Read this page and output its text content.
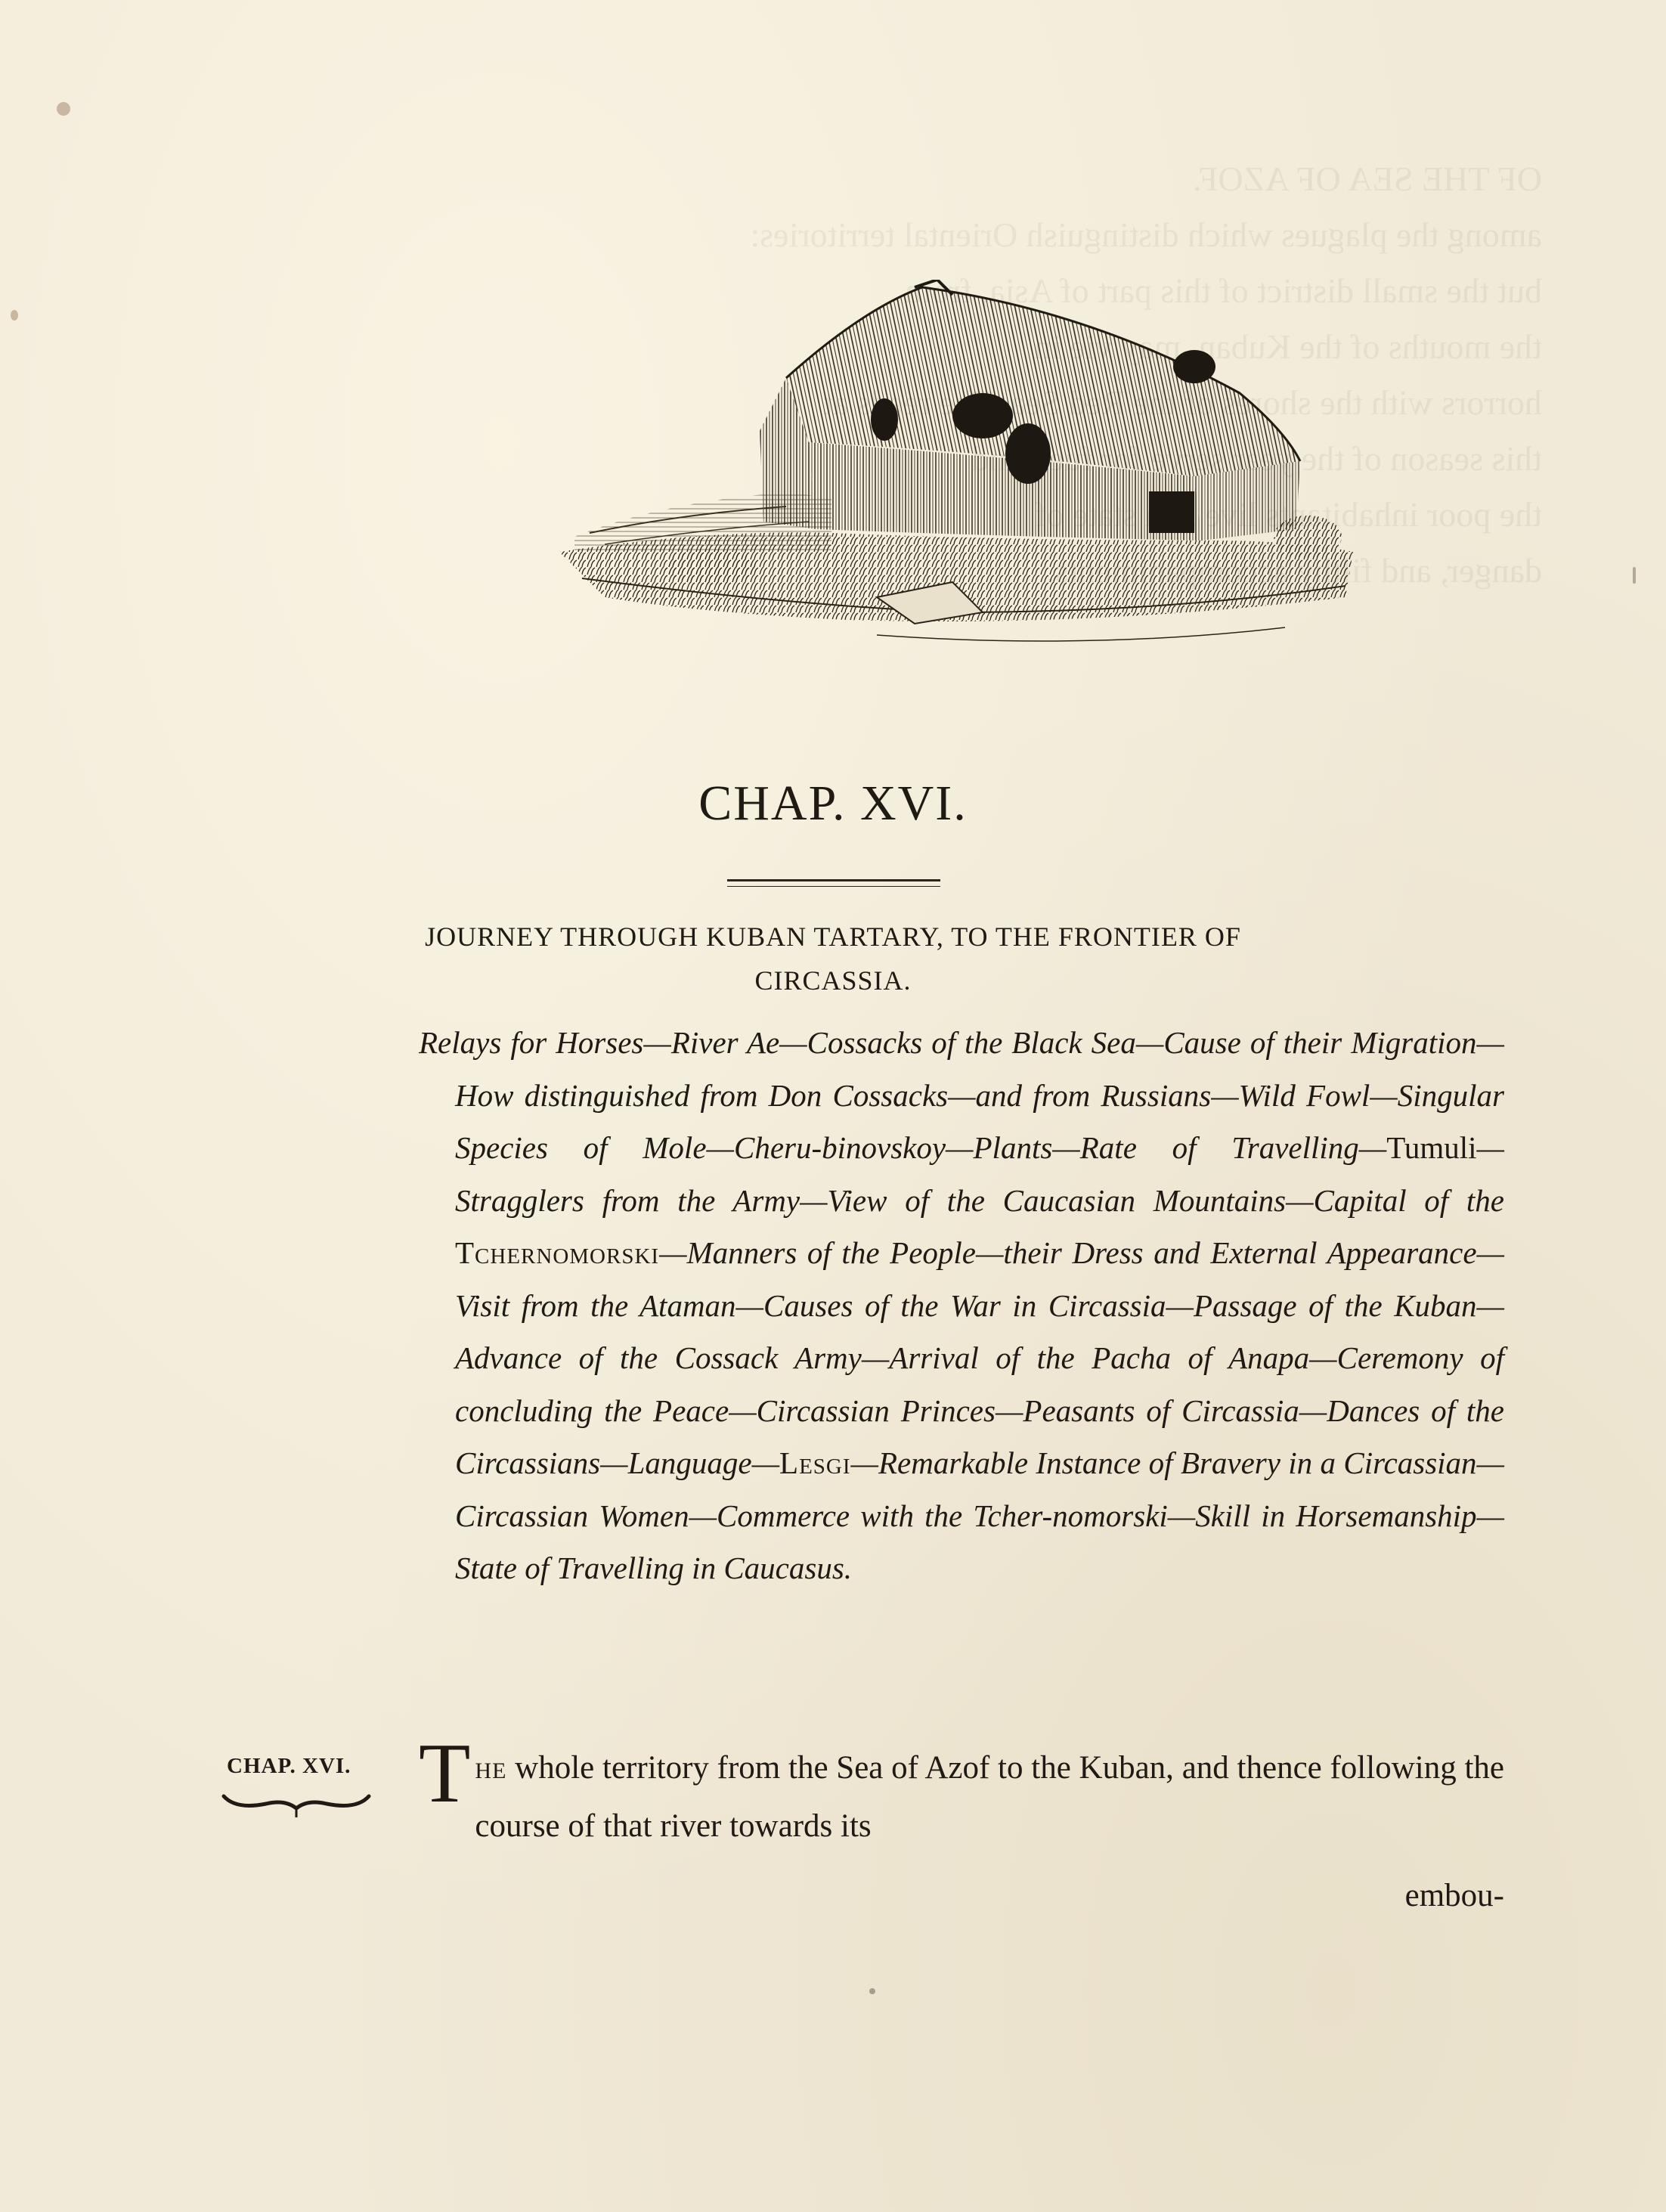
OF THE SEA OF AZOF.
among the plagues which distinguish Oriental territories:
but the small district of this part of Asia,
the mouths of the Kuban, may
horrors with the shores
this season of the
the poor inhabitants
danger, and
CHAP. XVI.
JOURNEY THROUGH KUBAN TARTARY, TO THE FRONTIER OF CIRCASSIA.
Relays for Horses—River Ae—Cossacks of the Black Sea—Cause of their Migration—How distinguished from Don Cossacks—and from Russians—Wild Fowl—Singular Species of Mole—Cheru-binovskoy—Plants—Rate of Travelling—Tumuli—Stragglers from the Army—View of the Caucasian Mountains—Capital of the Tchernomorski—Manners of the People—their Dress and External Appearance—Visit from the Ataman—Causes of the War in Circassia—Passage of the Kuban—Advance of the Cossack Army—Arrival of the Pacha of Anapa—Ceremony of concluding the Peace—Circassian Princes—Peasants of Circassia—Dances of the Circassians—Language—Lesgi—Remarkable Instance of Bravery in a Circassian—Circassian Women—Commerce with the Tcher-nomorski—Skill in Horsemanship—State of Travelling in Caucasus.
CHAP. XVI. The whole territory from the Sea of Azof to the Kuban, and thence following the course of that river towards its
embou-
